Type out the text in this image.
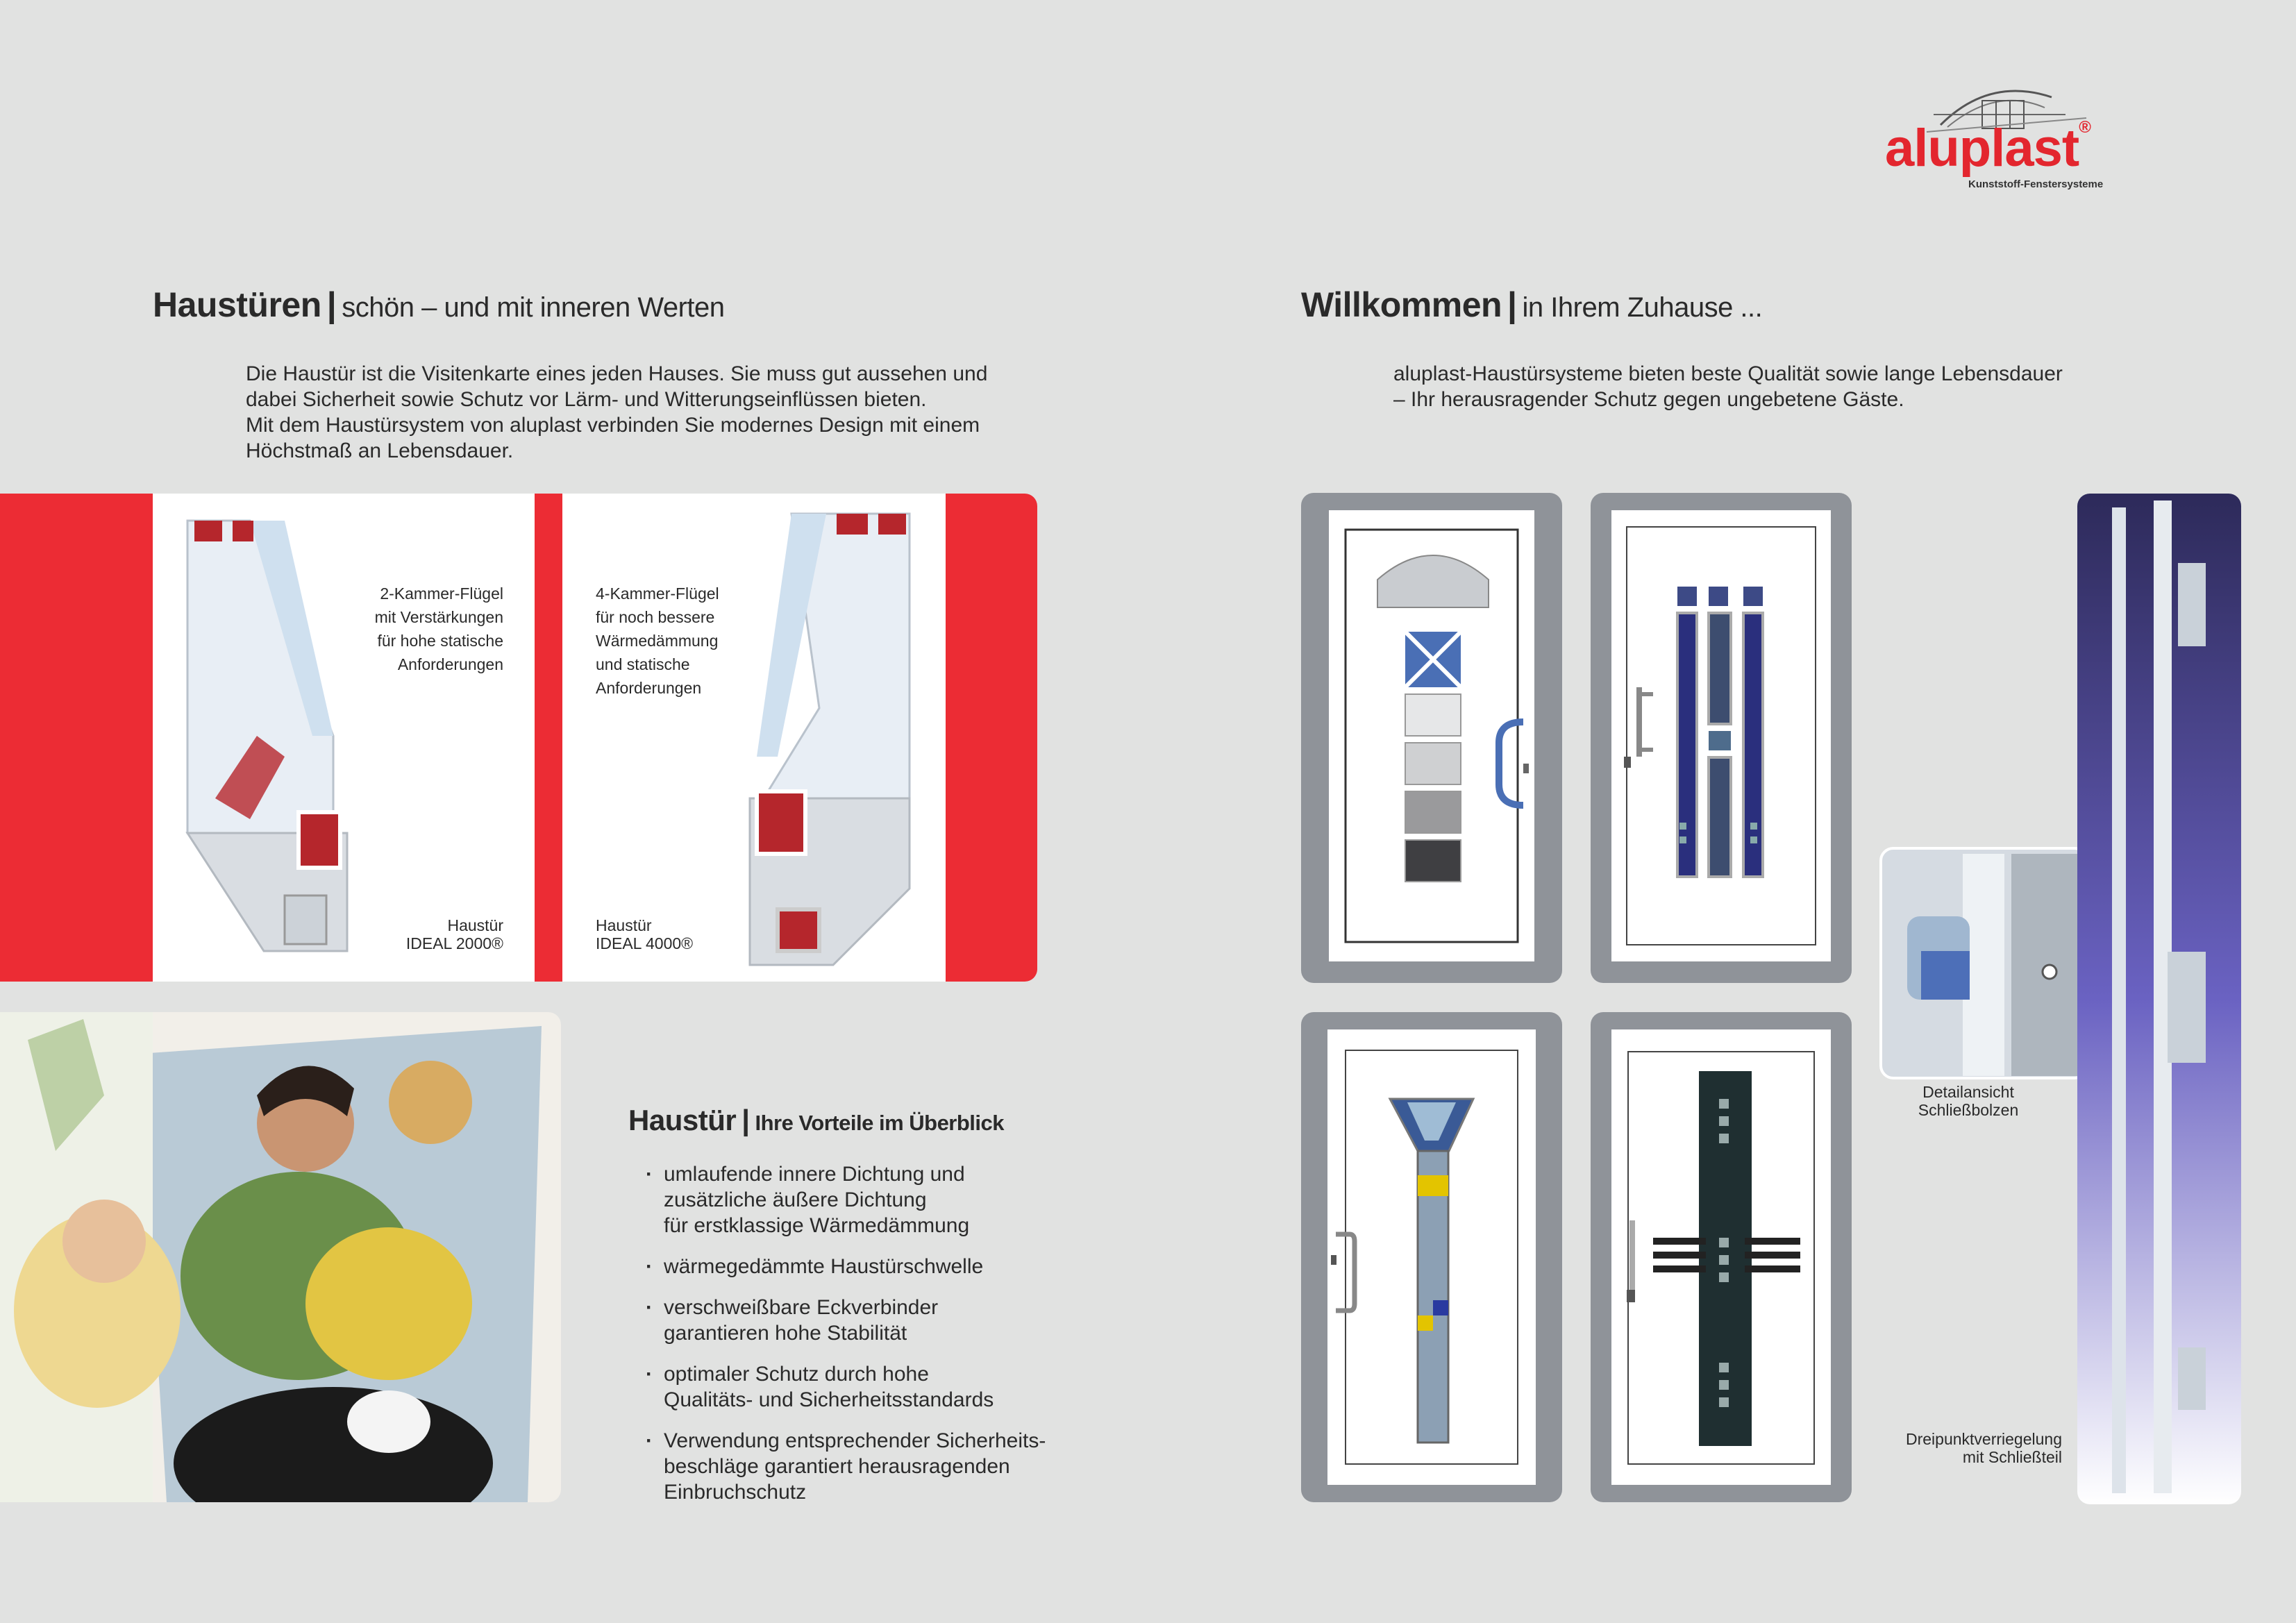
aluplast®
Kunststoff-Fenstersysteme
Haustüren | schön – und mit inneren Werten
Die Haustür ist die Visitenkarte eines jeden Hauses. Sie muss gut aussehen und
dabei Sicherheit sowie Schutz vor Lärm- und Witterungseinflüssen bieten.
Mit dem Haustürsystem von aluplast verbinden Sie modernes Design mit einem
Höchstmaß an Lebensdauer.
2-Kammer-Flügel
mit Verstärkungen
für hohe statische
Anforderungen
Haustür
IDEAL 2000®
4-Kammer-Flügel
für noch bessere
Wärmedämmung
und statische
Anforderungen
Haustür
IDEAL 4000®
Haustür | Ihre Vorteile im Überblick
· umlaufende innere Dichtung und
zusätzliche äußere Dichtung
für erstklassige Wärmedämmung
· wärmegedämmte Haustürschwelle
· verschweißbare Eckverbinder
garantieren hohe Stabilität
· optimaler Schutz durch hohe
Qualitäts- und Sicherheitsstandards
· Verwendung entsprechender Sicherheits-
beschläge garantiert herausragenden
Einbruchschutz
Willkommen | in Ihrem Zuhause ...
aluplast-Haustürsysteme bieten beste Qualität sowie lange Lebensdauer
– Ihr herausragender Schutz gegen ungebetene Gäste.
Detailansicht
Schließbolzen
Dreipunktverriegelung
mit Schließteil
